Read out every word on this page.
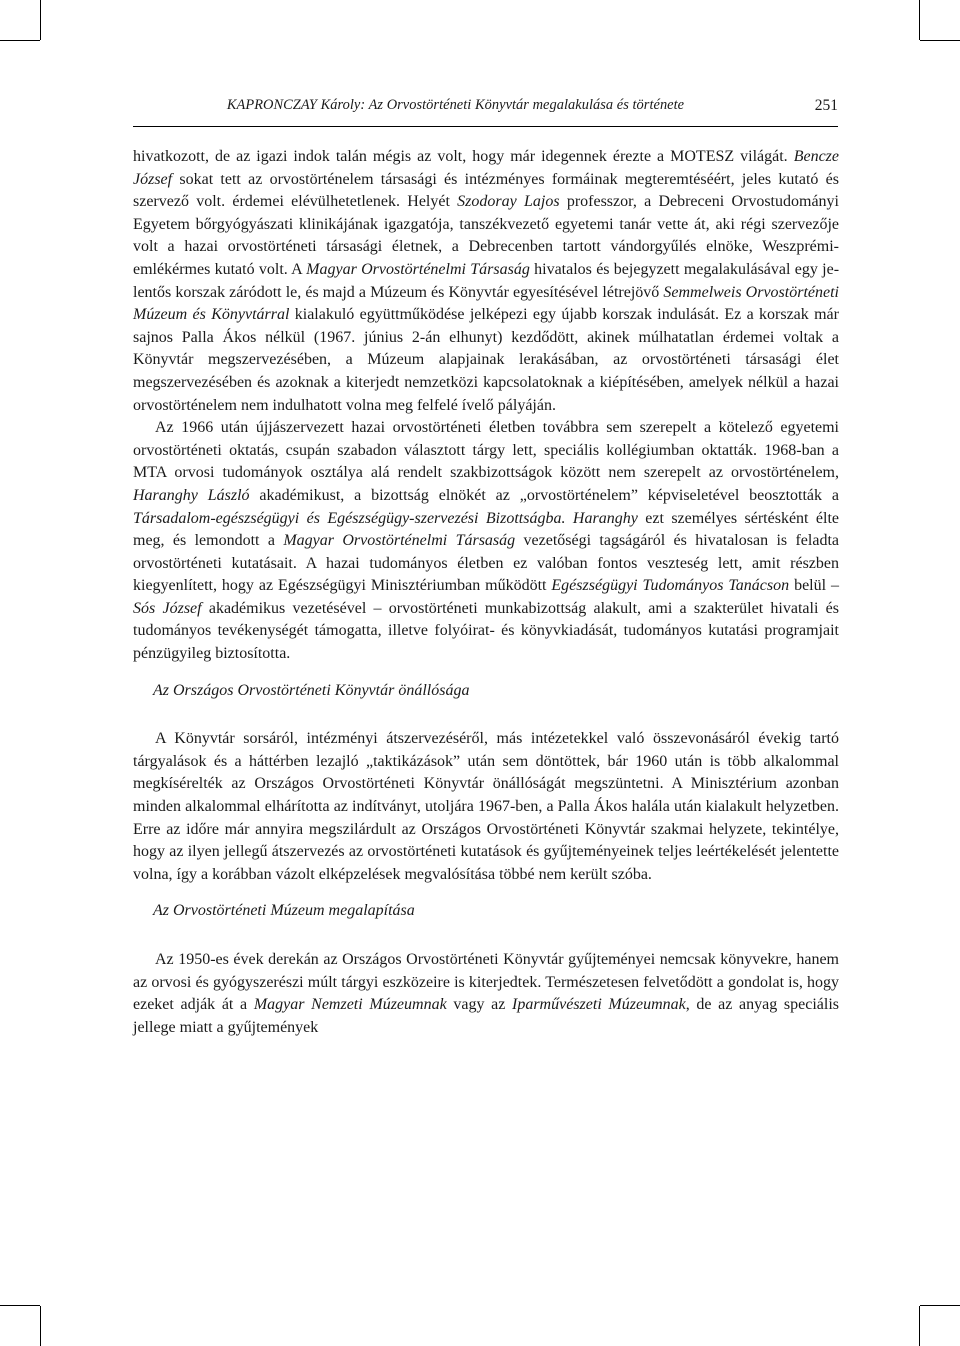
KAPRONCZAY Károly: Az Orvostörténeti Könyvtár megalakulása és története	251

hivatkozott, de az igazi indok talán mégis az volt, hogy már idegennek érezte a MOTESZ világát. Bencze József sokat tett az orvostörténelem társasági és intézményes formáinak megteremtéséért, jeles kutató és szervező volt. érdemei elévülhetetlenek. Helyét Szodoray Lajos professzor, a Debreceni Orvostudományi Egyetem bőrgyógyászati klinikájának igazgatója, tanszékvezető egyetemi tanár vette át, aki régi szervezője volt a hazai orvostörténeti társasági életnek, a Debrecenben tartott vándorgyűlés elnöke, Weszprémi-emlékérmes kutató volt. A Magyar Orvostörténelmi Társaság hivatalos és bejegyzett megalakulásával egy jelentős korszak záródott le, és majd a Múzeum és Könyvtár egyesítésével létrejövő Semmelweis Orvostörténeti Múzeum és Könyvtárral kialakuló együttműködése jelképezi egy újabb korszak indulását. Ez a korszak már sajnos Palla Ákos nélkül (1967. június 2-án elhunyt) kezdődött, akinek múlhatatlan érdemei voltak a Könyvtár megszervezésében, a Múzeum alapjainak lerakásában, az orvostörténeti társasági élet megszervezésében és azoknak a kiterjedt nemzetközi kapcsolatoknak a kiépítésében, amelyek nélkül a hazai orvostörténelem nem indulhatott volna meg felfelé ívelő pályáján.

Az 1966 után újjászervezett hazai orvostörténeti életben továbbra sem szerepelt a kötelező egyetemi orvostörténeti oktatás, csupán szabadon választott tárgy lett, speciális kollégiumban oktatták. 1968-ban a MTA orvosi tudományok osztálya alá rendelt szakbizottságok között nem szerepelt az orvostörténelem, Haranghy László akadémikust, a bizottság elnökét az „orvostörténelem” képviseletével beosztották a Társadalom-egészségügyi és Egészségügy-szervezési Bizottságba. Haranghy ezt személyes sértésként élte meg, és lemondott a Magyar Orvostörténelmi Társaság vezetőségi tagságáról és hivatalosan is feladta orvostörténeti kutatásait. A hazai tudományos életben ez valóban fontos veszteség lett, amit részben kiegyenlített, hogy az Egészségügyi Minisztériumban működött Egészségügyi Tudományos Tanácson belül – Sós József akadémikus vezetésével – orvostörténeti munkabizottság alakult, ami a szakterület hivatali és tudományos tevékenységét támogatta, illetve folyóirat- és könyvkiadását, tudományos kutatási programjait pénzügyileg biztosította.

Az Országos Orvostörténeti Könyvtár önállósága

A Könyvtár sorsáról, intézményi átszervezéséről, más intézetekkel való összevonásáról évekig tartó tárgyalások és a háttérben lezajló „taktikázások” után sem döntöttek, bár 1960 után is több alkalommal megkísérelték az Országos Orvostörténeti Könyvtár önállóságát megszüntetni. A Minisztérium azonban minden alkalommal elhárította az indítványt, utoljára 1967-ben, a Palla Ákos halála után kialakult helyzetben. Erre az időre már annyira megszilárdult az Országos Orvostörténeti Könyvtár szakmai helyzete, tekintélye, hogy az ilyen jellegű átszervezés az orvostörténeti kutatások és gyűjteményeinek teljes leértékelését jelentette volna, így a korábban vázolt elképzelések megvalósítása többé nem került szóba.

Az Orvostörténeti Múzeum megalapítása

Az 1950-es évek derekán az Országos Orvostörténeti Könyvtár gyűjteményei nemcsak könyvekre, hanem az orvosi és gyógyszerészi múlt tárgyi eszközeire is kiterjedtek. Természetesen felvetődött a gondolat is, hogy ezeket adják át a Magyar Nemzeti Múzeumnak vagy az Iparművészeti Múzeumnak, de az anyag speciális jellege miatt a gyűjtemények
